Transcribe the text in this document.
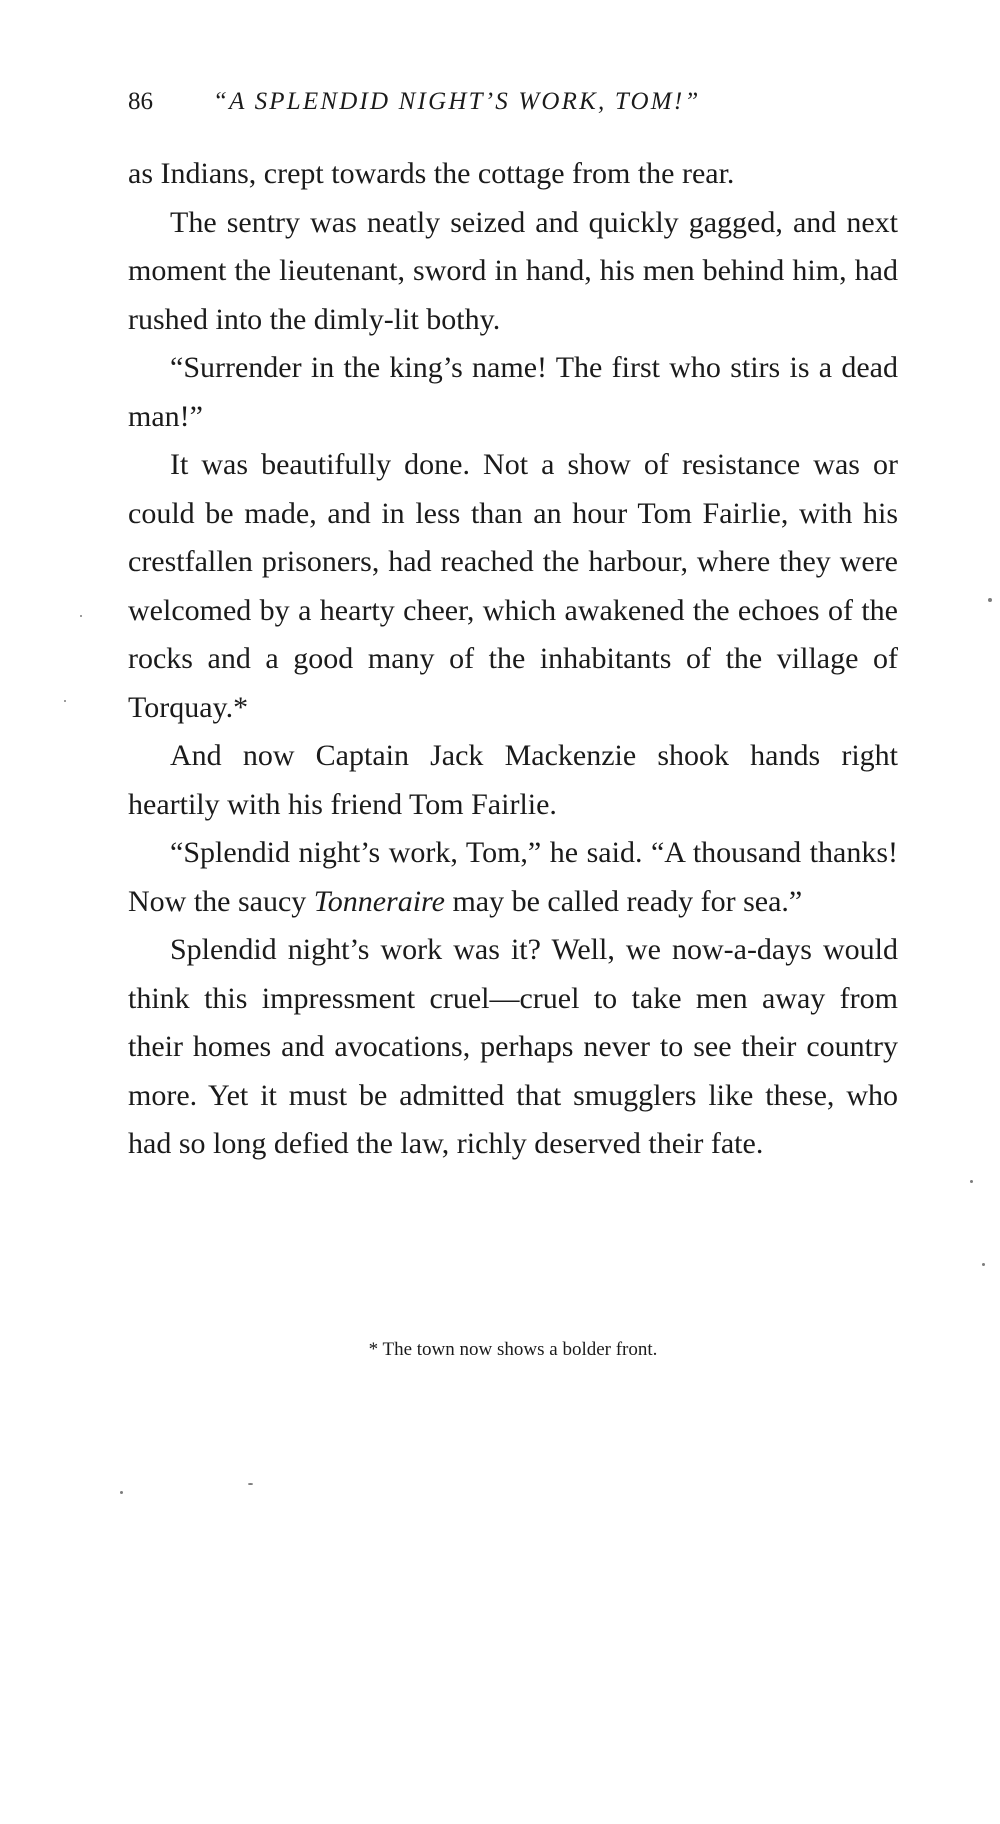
86 “A SPLENDID NIGHT’S WORK, TOM!”

as Indians, crept towards the cottage from the rear.

The sentry was neatly seized and quickly gagged, and next moment the lieutenant, sword in hand, his men behind him, had rushed into the dimly-lit bothy.

“Surrender in the king’s name! The first who stirs is a dead man!”

It was beautifully done. Not a show of resistance was or could be made, and in less than an hour Tom Fairlie, with his crestfallen prisoners, had reached the harbour, where they were welcomed by a hearty cheer, which awakened the echoes of the rocks and a good many of the inhabitants of the village of Torquay.*

And now Captain Jack Mackenzie shook hands right heartily with his friend Tom Fairlie.

“Splendid night’s work, Tom,” he said. “A thousand thanks! Now the saucy Tonneraire may be called ready for sea.”

Splendid night’s work was it? Well, we now-a-days would think this impressment cruel—cruel to take men away from their homes and avocations, perhaps never to see their country more. Yet it must be admitted that smugglers like these, who had so long defied the law, richly deserved their fate.

* The town now shows a bolder front.
